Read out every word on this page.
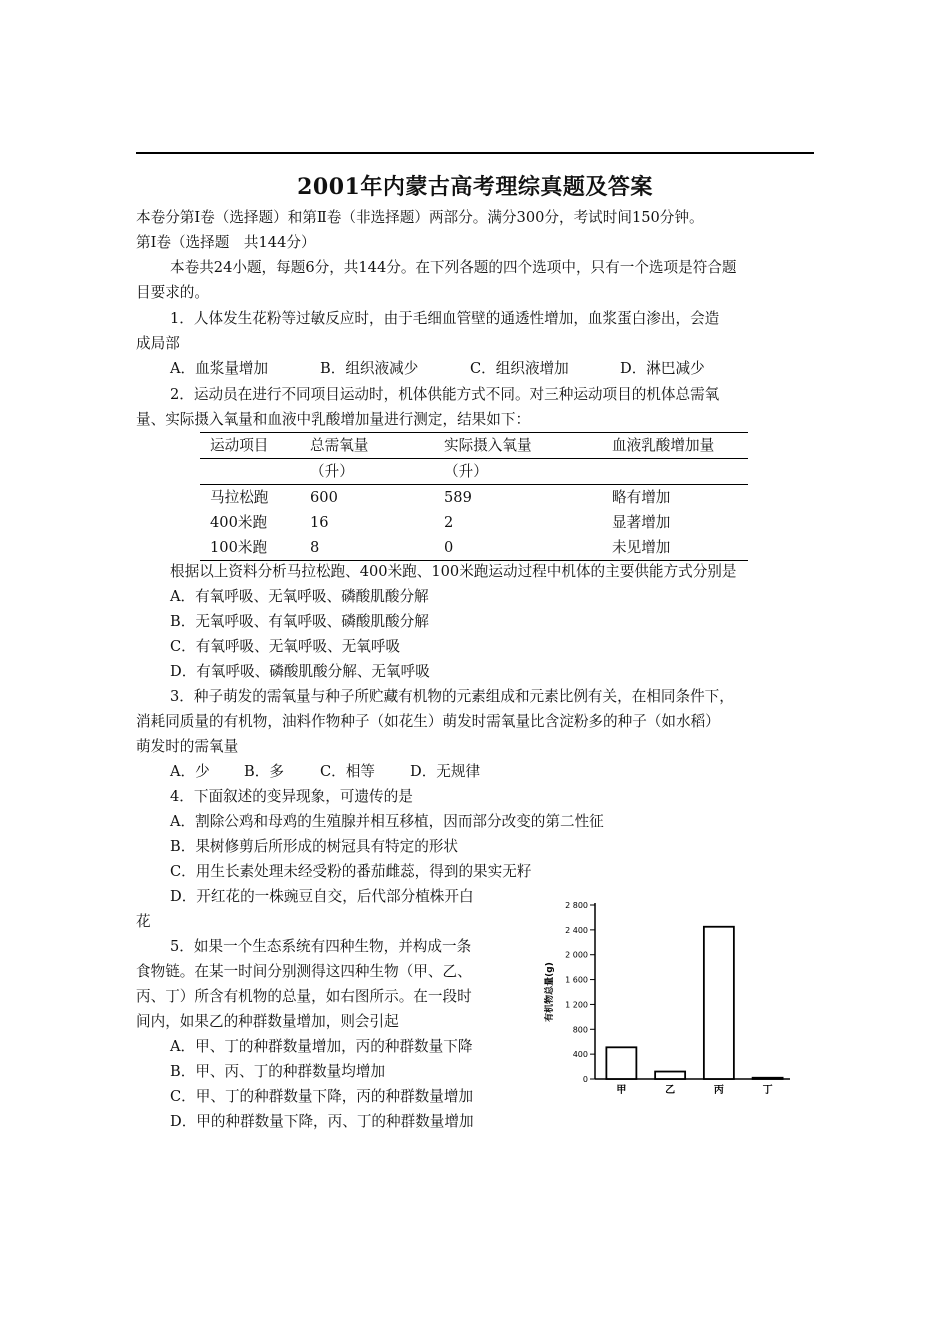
2001年内蒙古高考理综真题及答案
本卷分第Ⅰ卷（选择题）和第Ⅱ卷（非选择题）两部分。满分300分，考试时间150分钟。
第Ⅰ卷（选择题　共144分）
本卷共24小题，每题6分，共144分。在下列各题的四个选项中，只有一个选项是符合题
目要求的。
1．人体发生花粉等过敏反应时，由于毛细血管壁的通透性增加，血浆蛋白渗出，会造
成局部
A．血浆量增加	B．组织液减少	C．组织液增加	D．淋巴减少
2．运动员在进行不同项目运动时，机体供能方式不同。对三种运动项目的机体总需氧
量、实际摄入氧量和血液中乳酸增加量进行测定，结果如下：
运动项目	总需氧量	实际摄入氧量	血液乳酸增加量
	（升）	（升）	
马拉松跑	600	589	略有增加
400米跑	16	2	显著增加
100米跑	8	0	未见增加
根据以上资料分析马拉松跑、400米跑、100米跑运动过程中机体的主要供能方式分别是
A．有氧呼吸、无氧呼吸、磷酸肌酸分解
B．无氧呼吸、有氧呼吸、磷酸肌酸分解
C．有氧呼吸、无氧呼吸、无氧呼吸
D．有氧呼吸、磷酸肌酸分解、无氧呼吸
3．种子萌发的需氧量与种子所贮藏有机物的元素组成和元素比例有关，在相同条件下，
消耗同质量的有机物，油料作物种子（如花生）萌发时需氧量比含淀粉多的种子（如水稻）
萌发时的需氧量
A．少 B．多 C．相等 D．无规律
4．下面叙述的变异现象，可遗传的是
A．割除公鸡和母鸡的生殖腺并相互移植，因而部分改变的第二性征
B．果树修剪后所形成的树冠具有特定的形状
C．用生长素处理未经受粉的番茄雌蕊，得到的果实无籽
D．开红花的一株豌豆自交，后代部分植株开白
花
5．如果一个生态系统有四种生物，并构成一条
食物链。在某一时间分别测得这四种生物（甲、乙、
丙、丁）所含有机物的总量，如右图所示。在一段时
间内，如果乙的种群数量增加，则会引起
A．甲、丁的种群数量增加，丙的种群数量下降
B．甲、丙、丁的种群数量均增加
C．甲、丁的种群数量下降，丙的种群数量增加
D．甲的种群数量下降，丙、丁的种群数量增加
有机物总量(g)
0
400
800
1 200
1 600
2 000
2 400
2 800
甲	乙	丙	丁
